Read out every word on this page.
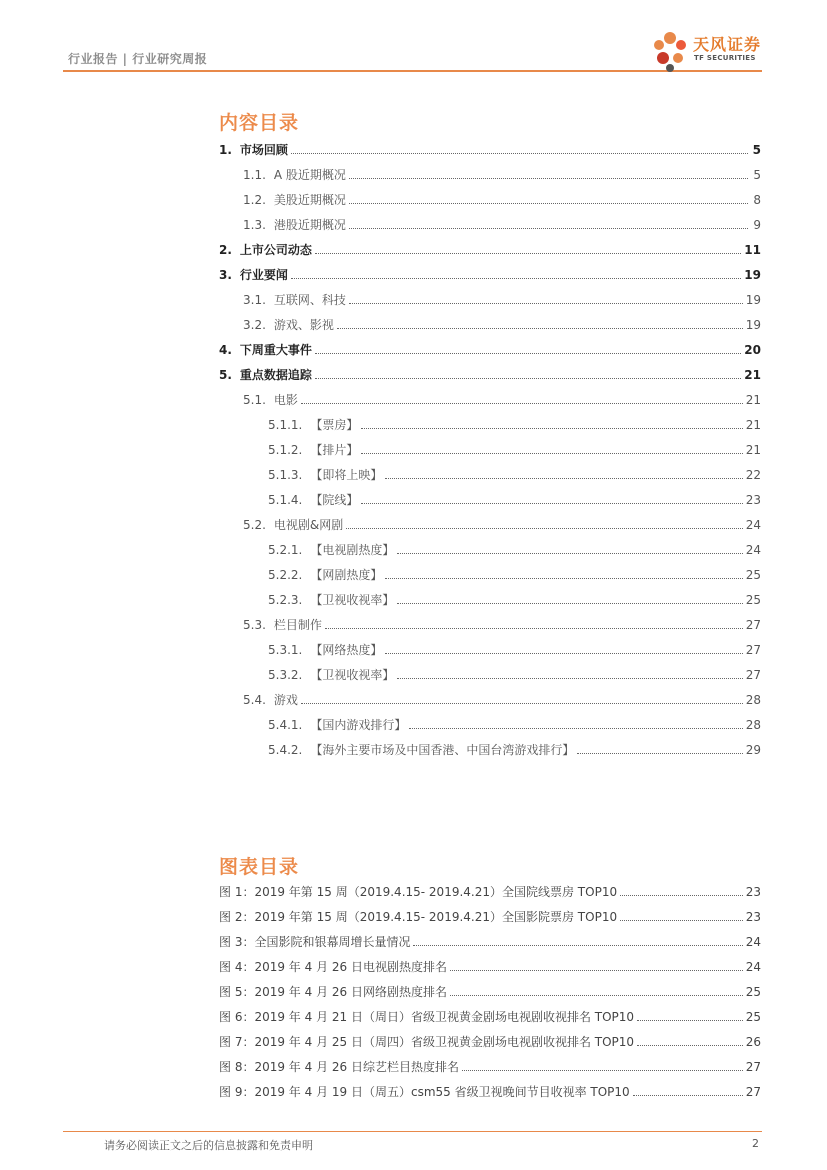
行业报告 | 行业研究周报
天风证券
TF SECURITIES
内容目录
1. 市场回顾	5
1.1. A 股近期概况	5
1.2. 美股近期概况	8
1.3. 港股近期概况	9
2. 上市公司动态	11
3. 行业要闻	19
3.1. 互联网、科技	19
3.2. 游戏、影视	19
4. 下周重大事件	20
5. 重点数据追踪	21
5.1. 电影	21
5.1.1. 【票房】	21
5.1.2. 【排片】	21
5.1.3. 【即将上映】	22
5.1.4. 【院线】	23
5.2. 电视剧&网剧	24
5.2.1. 【电视剧热度】	24
5.2.2. 【网剧热度】	25
5.2.3. 【卫视收视率】	25
5.3. 栏目制作	27
5.3.1. 【网络热度】	27
5.3.2. 【卫视收视率】	27
5.4. 游戏	28
5.4.1. 【国内游戏排行】	28
5.4.2. 【海外主要市场及中国香港、中国台湾游戏排行】	29
图表目录
图 1：2019 年第 15 周（2019.4.15- 2019.4.21）全国院线票房 TOP10	23
图 2：2019 年第 15 周（2019.4.15- 2019.4.21）全国影院票房 TOP10	23
图 3：全国影院和银幕周增长量情况	24
图 4：2019 年 4 月 26 日电视剧热度排名	24
图 5：2019 年 4 月 26 日网络剧热度排名	25
图 6：2019 年 4 月 21 日（周日）省级卫视黄金剧场电视剧收视排名 TOP10	25
图 7：2019 年 4 月 25 日（周四）省级卫视黄金剧场电视剧收视排名 TOP10	26
图 8：2019 年 4 月 26 日综艺栏目热度排名	27
图 9：2019 年 4 月 19 日（周五）csm55 省级卫视晚间节目收视率 TOP10	27
请务必阅读正文之后的信息披露和免责申明	2
